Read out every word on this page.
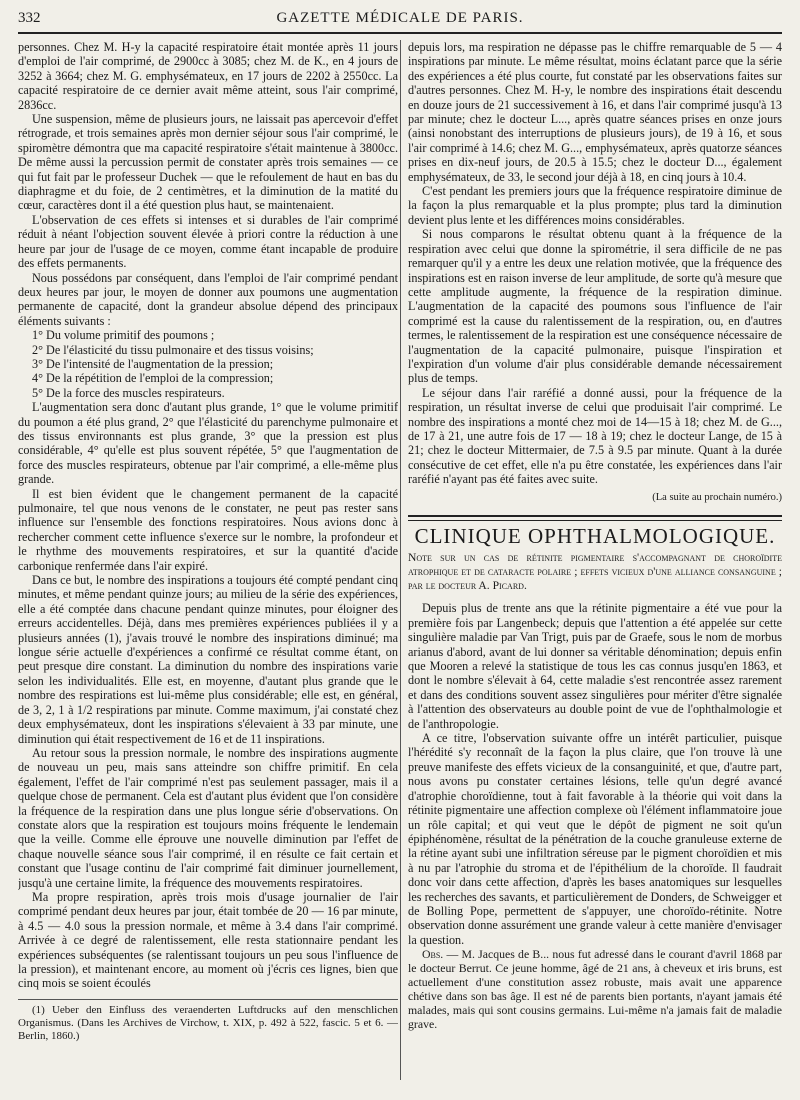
332	GAZETTE MÉDICALE DE PARIS.

personnes. Chez M. H-y la capacité respiratoire était montée après 11 jours d'emploi de l'air comprimé, de 2900cc à 3085; chez M. de K., en 4 jours de 3252 à 3664; chez M. G. emphysémateux, en 17 jours de 2202 à 2550cc. La capacité respiratoire de ce dernier avait même atteint, sous l'air comprimé, 2836cc.

Une suspension, même de plusieurs jours, ne laissait pas apercevoir d'effet rétrograde, et trois semaines après mon dernier séjour sous l'air comprimé, le spiromètre démontra que ma capacité respiratoire s'était maintenue à 3800cc. De même aussi la percussion permit de constater après trois semaines — ce qui fut fait par le professeur Duchek — que le refoulement de haut en bas du diaphragme et du foie, de 2 centimètres, et la diminution de la matité du cœur, caractères dont il a été question plus haut, se maintenaient.

L'observation de ces effets si intenses et si durables de l'air comprimé réduit à néant l'objection souvent élevée à priori contre la réduction à une heure par jour de l'usage de ce moyen, comme étant incapable de produire des effets permanents.

Nous possédons par conséquent, dans l'emploi de l'air comprimé pendant deux heures par jour, le moyen de donner aux poumons une augmentation permanente de capacité, dont la grandeur absolue dépend des principaux éléments suivants :

1° Du volume primitif des poumons ;
2° De l'élasticité du tissu pulmonaire et des tissus voisins;
3° De l'intensité de l'augmentation de la pression;
4° De la répétition de l'emploi de la compression;
5° De la force des muscles respirateurs.

L'augmentation sera donc d'autant plus grande, 1° que le volume primitif du poumon a été plus grand, 2° que l'élasticité du parenchyme pulmonaire et des tissus environnants est plus grande, 3° que la pression est plus considérable, 4° qu'elle est plus souvent répétée, 5° que l'augmentation de force des muscles respirateurs, obtenue par l'air comprimé, a elle-même plus grande.

Il est bien évident que le changement permanent de la capacité pulmonaire, tel que nous venons de le constater, ne peut pas rester sans influence sur l'ensemble des fonctions respiratoires. Nous avions donc à rechercher comment cette influence s'exerce sur le nombre, la profondeur et le rhythme des mouvements respiratoires, et sur la quantité d'acide carbonique renfermée dans l'air expiré.

Dans ce but, le nombre des inspirations a toujours été compté pendant cinq minutes, et même pendant quinze jours; au milieu de la série des expériences, elle a été comptée dans chacune pendant quinze minutes, pour éloigner des erreurs accidentelles. Déjà, dans mes premières expériences publiées il y a plusieurs années (1), j'avais trouvé le nombre des inspirations diminué; ma longue série actuelle d'expériences a confirmé ce résultat comme étant, on peut presque dire constant. La diminution du nombre des inspirations varie selon les individualités. Elle est, en moyenne, d'autant plus grande que le nombre des respirations est lui-même plus considérable; elle est, en général, de 3, 2, 1 à 1/2 respirations par minute. Comme maximum, j'ai constaté chez deux emphysémateux, dont les inspirations s'élevaient à 33 par minute, une diminution qui était respectivement de 16 et de 11 inspirations.

Au retour sous la pression normale, le nombre des inspirations augmente de nouveau un peu, mais sans atteindre son chiffre primitif. En cela également, l'effet de l'air comprimé n'est pas seulement passager, mais il a quelque chose de permanent. Cela est d'autant plus évident que l'on considère la fréquence de la respiration dans une plus longue série d'observations. On constate alors que la respiration est toujours moins fréquente le lendemain que la veille. Comme elle éprouve une nouvelle diminution par l'effet de chaque nouvelle séance sous l'air comprimé, il en résulte ce fait certain et constant que l'usage continu de l'air comprimé fait diminuer journellement, jusqu'à une certaine limite, la fréquence des mouvements respiratoires.

Ma propre respiration, après trois mois d'usage journalier de l'air comprimé pendant deux heures par jour, était tombée de 20 — 16 par minute, à 4.5 — 4.0 sous la pression normale, et même à 3.4 dans l'air comprimé. Arrivée à ce degré de ralentissement, elle resta stationnaire pendant les expériences subséquentes (se ralentissant toujours un peu sous l'influence de la pression), et maintenant encore, au moment où j'écris ces lignes, bien que cinq mois se soient écoulés

(1) Ueber den Einfluss des veraenderten Luftdrucks auf den menschlichen Organismus. (Dans les Archives de Virchow, t. XIX, p. 492 à 522, fascic. 5 et 6. — Berlin, 1860.)

depuis lors, ma respiration ne dépasse pas le chiffre remarquable de 5 — 4 inspirations par minute. Le même résultat, moins éclatant parce que la série des expériences a été plus courte, fut constaté par les observations faites sur d'autres personnes. Chez M. H-y, le nombre des inspirations était descendu en douze jours de 21 successivement à 16, et dans l'air comprimé jusqu'à 13 par minute; chez le docteur L..., après quatre séances prises en onze jours (ainsi nonobstant des interruptions de plusieurs jours), de 19 à 16, et sous l'air comprimé à 14.6; chez M. G..., emphysémateux, après quatorze séances prises en dix-neuf jours, de 20.5 à 15.5; chez le docteur D..., également emphysémateux, de 33, le second jour déjà à 18, en cinq jours à 10.4.

C'est pendant les premiers jours que la fréquence respiratoire diminue de la façon la plus remarquable et la plus prompte; plus tard la diminution devient plus lente et les différences moins considérables.

Si nous comparons le résultat obtenu quant à la fréquence de la respiration avec celui que donne la spirométrie, il sera difficile de ne pas remarquer qu'il y a entre les deux une relation motivée, que la fréquence des inspirations est en raison inverse de leur amplitude, de sorte qu'à mesure que cette amplitude augmente, la fréquence de la respiration diminue. L'augmentation de la capacité des poumons sous l'influence de l'air comprimé est la cause du ralentissement de la respiration, ou, en d'autres termes, le ralentissement de la respiration est une conséquence nécessaire de l'augmentation de la capacité pulmonaire, puisque l'inspiration et l'expiration d'un volume d'air plus considérable demande nécessairement plus de temps.

Le séjour dans l'air raréfié a donné aussi, pour la fréquence de la respiration, un résultat inverse de celui que produisait l'air comprimé. Le nombre des inspirations a monté chez moi de 14—15 à 18; chez M. de G..., de 17 à 21, une autre fois de 17 — 18 à 19; chez le docteur Lange, de 15 à 21; chez le docteur Mittermaier, de 7.5 à 9.5 par minute. Quant à la durée consécutive de cet effet, elle n'a pu être constatée, les expériences dans l'air raréfié n'ayant pas été faites avec suite.

(La suite au prochain numéro.)
CLINIQUE OPHTHALMOLOGIQUE.
Note sur un cas de rétinite pigmentaire s'accompagnant de choroïdite atrophique et de cataracte polaire ; effets vicieux d'une alliance consanguine ; par le docteur A. Picard.

Depuis plus de trente ans que la rétinite pigmentaire a été vue pour la première fois par Langenbeck; depuis que l'attention a été appelée sur cette singulière maladie par Van Trigt, puis par de Graefe, sous le nom de morbus arianus d'abord, avant de lui donner sa véritable dénomination; depuis enfin que Mooren a relevé la statistique de tous les cas connus jusqu'en 1863, et dont le nombre s'élevait à 64, cette maladie s'est rencontrée assez rarement et dans des conditions souvent assez singulières pour mériter d'être signalée à l'attention des observateurs au double point de vue de l'ophthalmologie et de l'anthropologie.

A ce titre, l'observation suivante offre un intérêt particulier, puisque l'hérédité s'y reconnaît de la façon la plus claire, que l'on trouve là une preuve manifeste des effets vicieux de la consanguinité, et que, d'autre part, nous avons pu constater certaines lésions, telle qu'un degré avancé d'atrophie choroïdienne, tout à fait favorable à la théorie qui voit dans la rétinite pigmentaire une affection complexe où l'élément inflammatoire joue un rôle capital; et qui veut que le dépôt de pigment ne soit qu'un épiphénomène, résultat de la pénétration de la couche granuleuse externe de la rétine ayant subi une infiltration séreuse par le pigment choroïdien et mis à nu par l'atrophie du stroma et de l'épithélium de la choroïde. Il faudrait donc voir dans cette affection, d'après les bases anatomiques sur lesquelles les recherches des savants, et particulièrement de Donders, de Schweigger et de Bolling Pope, permettent de s'appuyer, une choroïdo-rétinite. Notre observation donne assurément une grande valeur à cette manière d'envisager la question.

Obs. — M. Jacques de B... nous fut adressé dans le courant d'avril 1868 par le docteur Berrut. Ce jeune homme, âgé de 21 ans, à cheveux et iris bruns, est actuellement d'une constitution assez robuste, mais avait une apparence chétive dans son bas âge. Il est né de parents bien portants, n'ayant jamais été malades, mais qui sont cousins germains. Lui-même n'a jamais fait de maladie grave.
